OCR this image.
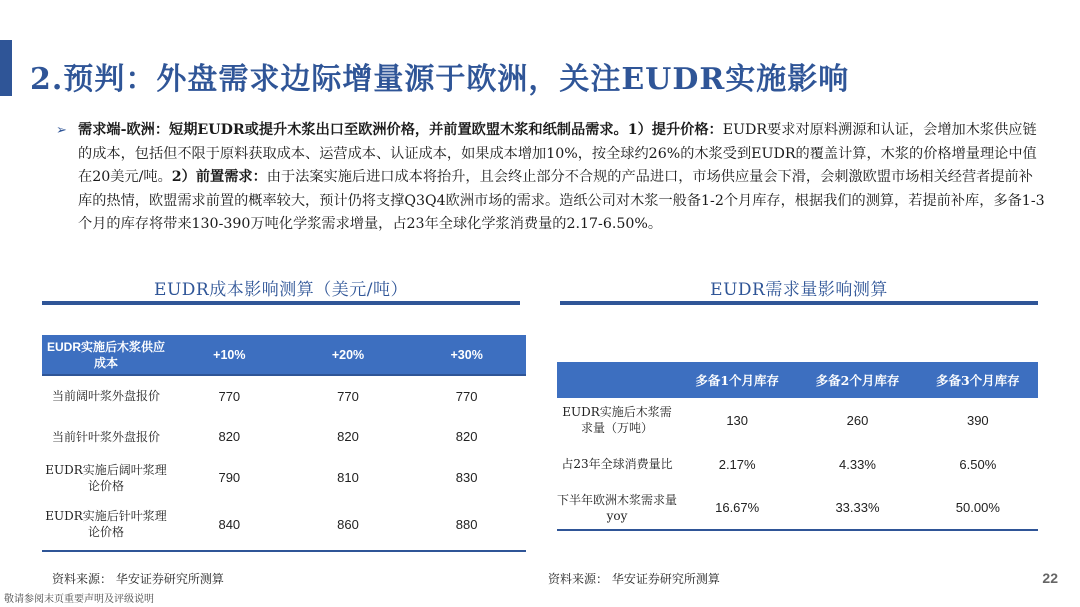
2.预判：外盘需求边际增量源于欧洲，关注EUDR实施影响
➢ 需求端-欧洲：短期EUDR或提升木浆出口至欧洲价格，并前置欧盟木浆和纸制品需求。1）提升价格：EUDR要求对原料溯源和认证，会增加木浆供应链的成本，包括但不限于原料获取成本、运营成本、认证成本，如果成本增加10%，按全球约26%的木浆受到EUDR的覆盖计算，木浆的价格增量理论中值在20美元/吨。2）前置需求：由于法案实施后进口成本将抬升，且会终止部分不合规的产品进口，市场供应量会下滑，会刺激欧盟市场相关经营者提前补库的热情，欧盟需求前置的概率较大，预计仍将支撑Q3Q4欧洲市场的需求。造纸公司对木浆一般备1-2个月库存，根据我们的测算，若提前补库，多备1-3个月的库存将带来130-390万吨化学浆需求增量，占23年全球化学浆消费量的2.17-6.50%。
EUDR成本影响测算（美元/吨）
EUDR实施后木浆供应成本	+10%	+20%	+30%
当前阔叶浆外盘报价	770	770	770
当前针叶浆外盘报价	820	820	820
EUDR实施后阔叶浆理论价格	790	810	830
EUDR实施后针叶浆理论价格	840	860	880
资料来源： 华安证券研究所测算
EUDR需求量影响测算
	多备1个月库存	多备2个月库存	多备3个月库存
EUDR实施后木浆需求量（万吨）	130	260	390
占23年全球消费量比	2.17%	4.33%	6.50%
下半年欧洲木浆需求量yoy	16.67%	33.33%	50.00%
资料来源： 华安证券研究所测算	22
敬请参阅末页重要声明及评级说明
